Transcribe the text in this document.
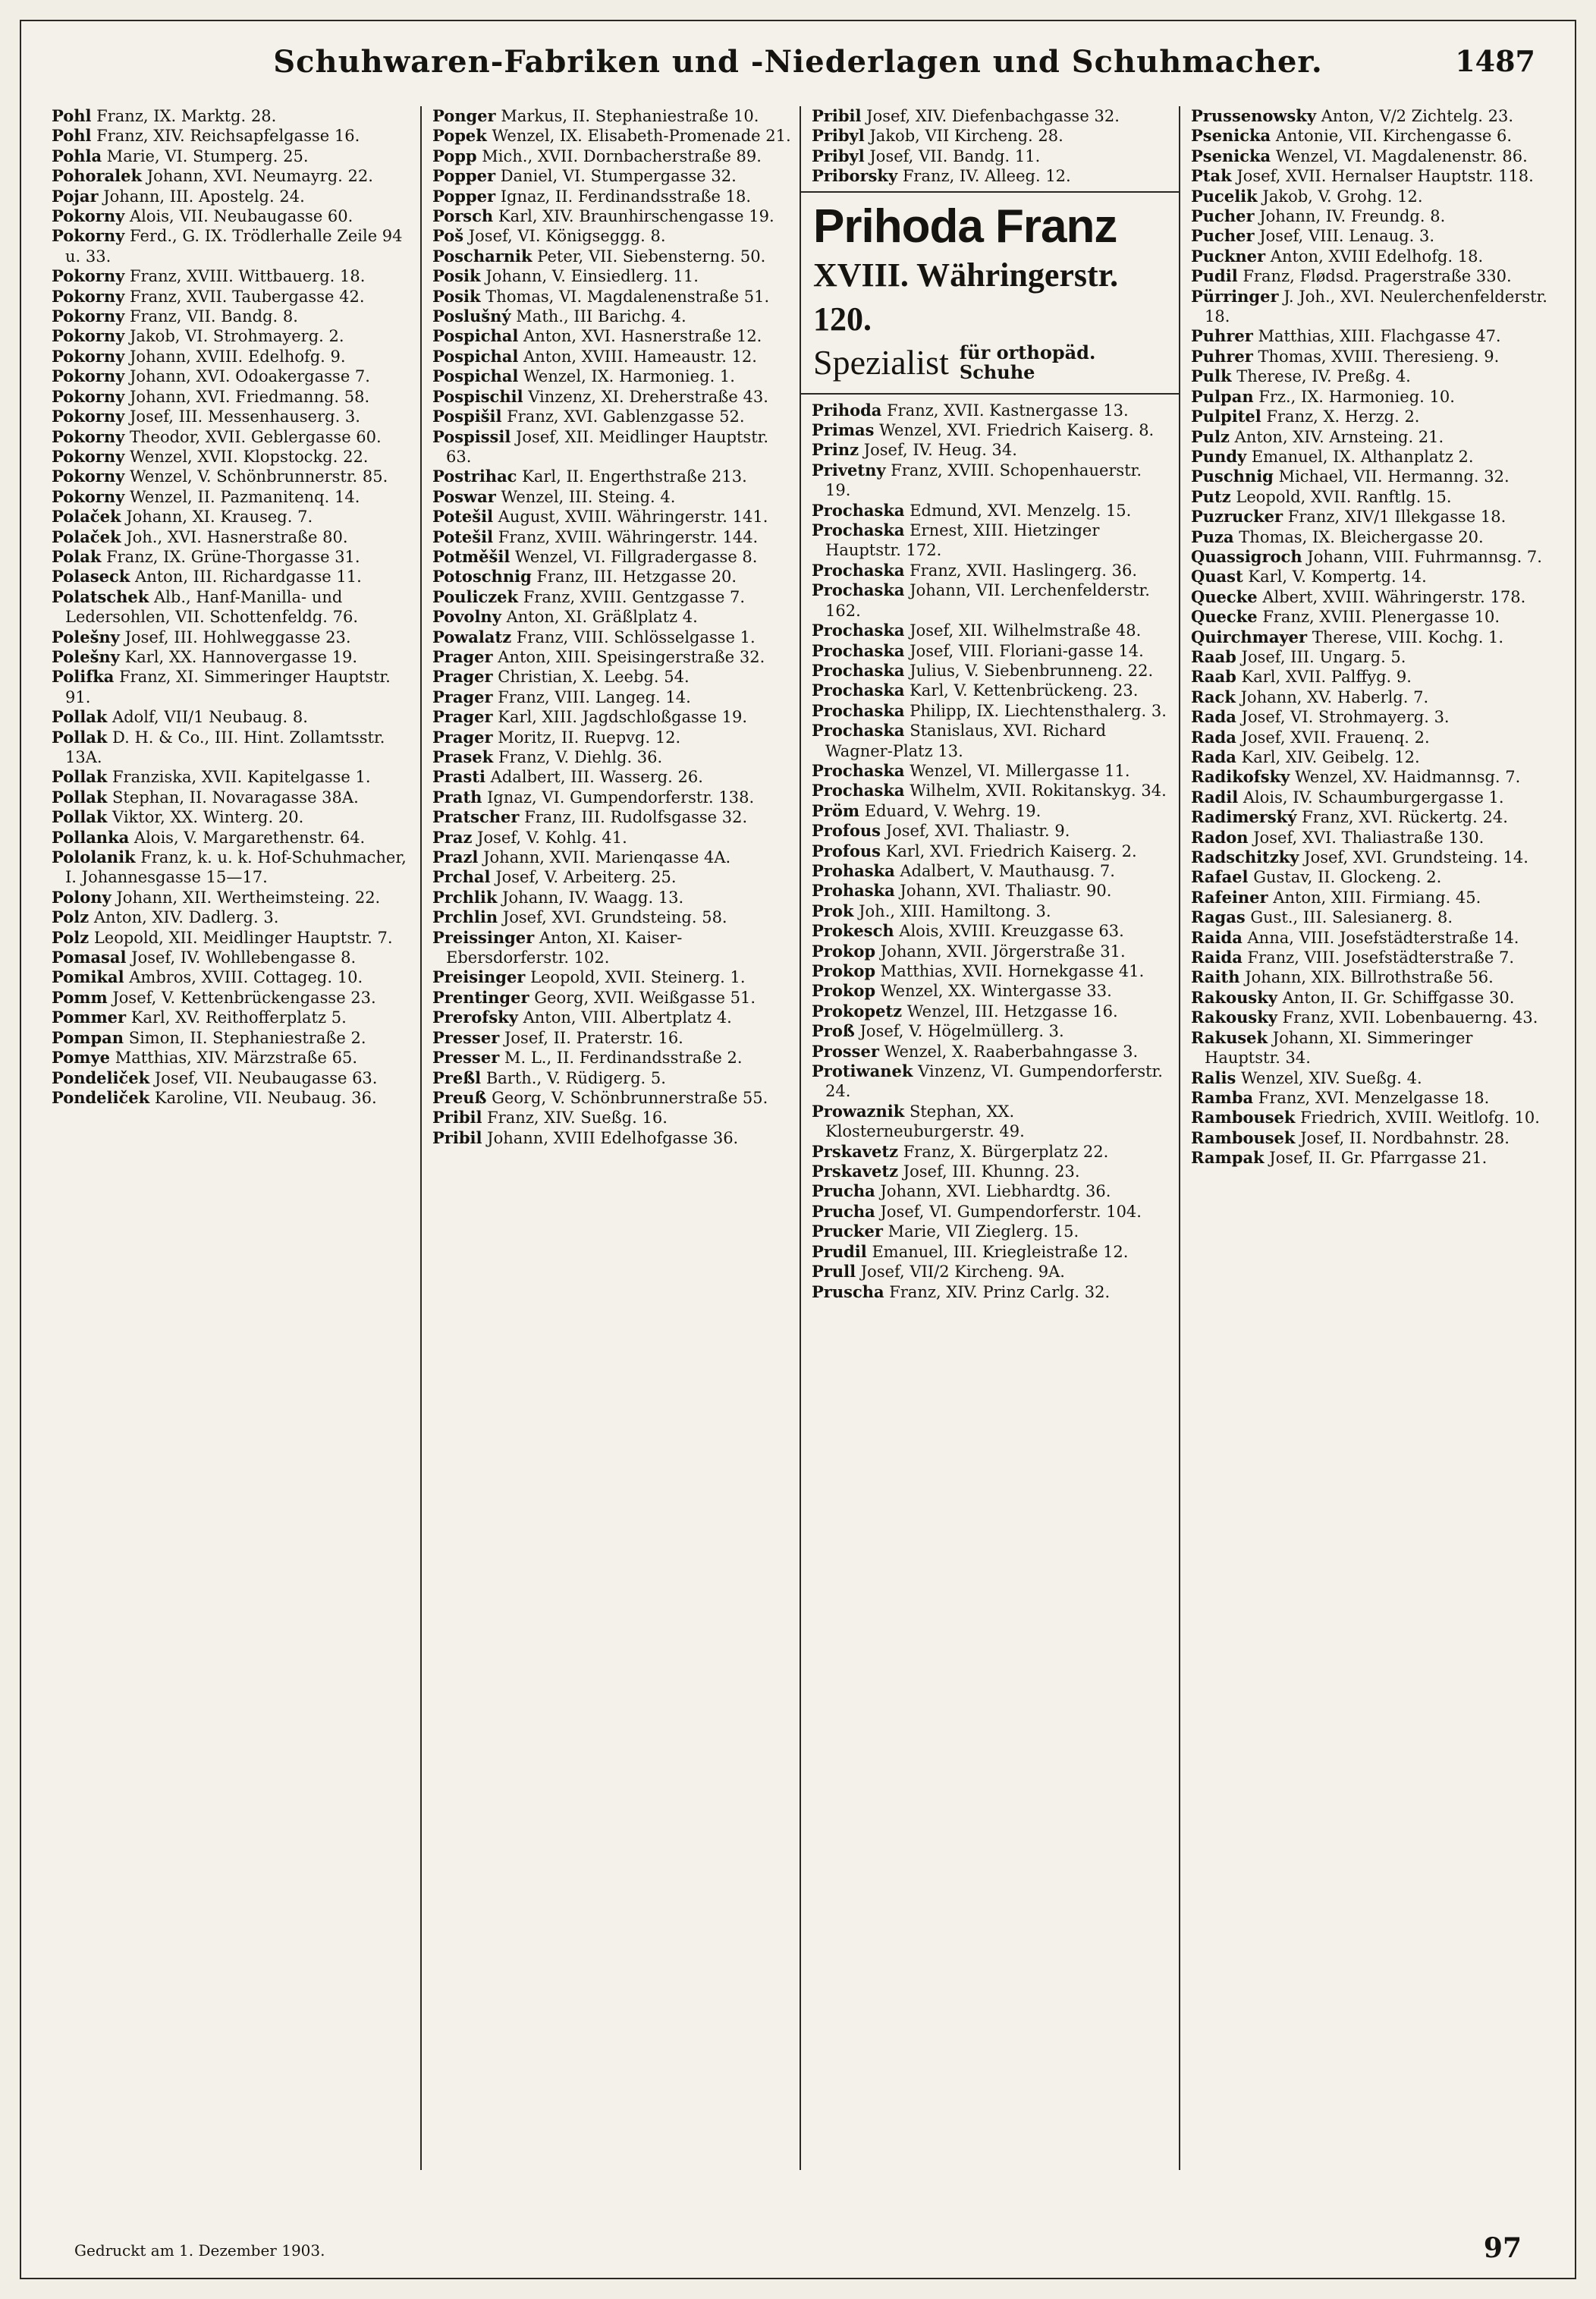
Schuhwaren-Fabriken und -Niederlagen und Schuhmacher.	1487

Pohl Franz, IX. Marktg. 28.

Pohl Franz, XIV. Reichsapfelgasse 16.

Pohla Marie, VI. Stumperg. 25.

Pohoralek Johann, XVI. Neumayrg. 22.

Pojar Johann, III. Apostelg. 24.

Pokorny Alois, VII. Neubaugasse 60.

Pokorny Ferd., G. IX. Trödlerhalle Zeile 94 u. 33.

Pokorny Franz, XVIII. Wittbauerg. 18.

Pokorny Franz, XVII. Taubergasse 42.

Pokorny Franz, VII. Bandg. 8.

Pokorny Jakob, VI. Strohmayerg. 2.

Pokorny Johann, XVIII. Edelhofg. 9.

Pokorny Johann, XVI. Odoakergasse 7.

Pokorny Johann, XVI. Friedmanng. 58.

Pokorny Josef, III. Messenhauserg. 3.

Pokorny Theodor, XVII. Geblergasse 60.

Pokorny Wenzel, XVII. Klopstockg. 22.

Pokorny Wenzel, V. Schönbrunnerstr. 85.

Pokorny Wenzel, II. Pazmanitenq. 14.

Polaček Johann, XI. Krauseg. 7.

Polaček Joh., XVI. Hasnerstraße 80.

Polak Franz, IX. Grüne-Thorgasse 31.

Polaseck Anton, III. Richardgasse 11.

Polatschek Alb., Hanf-Manilla- und Ledersohlen, VII. Schottenfeldg. 76.

Polešny Josef, III. Hohlweggasse 23.

Polešny Karl, XX. Hannovergasse 19.

Polifka Franz, XI. Simmeringer Hauptstr. 91.

Pollak Adolf, VII/1 Neubaug. 8.

Pollak D. H. & Co., III. Hint. Zollamtsstr. 13A.

Pollak Franziska, XVII. Kapitelgasse 1.

Pollak Stephan, II. Novaragasse 38A.

Pollak Viktor, XX. Winterg. 20.

Pollanka Alois, V. Margarethenstr. 64.

Pololanik Franz, k. u. k. Hof-Schuhmacher, I. Johannesgasse 15—17.

Polony Johann, XII. Wertheimsteing. 22.

Polz Anton, XIV. Dadlerg. 3.

Polz Leopold, XII. Meidlinger Hauptstr. 7.

Pomasal Josef, IV. Wohllebengasse 8.

Pomikal Ambros, XVIII. Cottageg. 10.

Pomm Josef, V. Kettenbrückengasse 23.

Pommer Karl, XV. Reithofferplatz 5.

Pompan Simon, II. Stephaniestraße 2.

Pomye Matthias, XIV. Märzstraße 65.

Pondeliček Josef, VII. Neubaugasse 63.

Pondeliček Karoline, VII. Neubaug. 36.

Ponger Markus, II. Stephaniestraße 10.

Popek Wenzel, IX. Elisabeth-Promenade 21.

Popp Mich., XVII. Dornbacherstraße 89.

Popper Daniel, VI. Stumpergasse 32.

Popper Ignaz, II. Ferdinandsstraße 18.

Porsch Karl, XIV. Braunhirschengasse 19.

Poš Josef, VI. Königseggg. 8.

Poscharnik Peter, VII. Siebensterng. 50.

Posik Johann, V. Einsiedlerg. 11.

Posik Thomas, VI. Magdalenenstraße 51.

Poslušný Math., III Barichg. 4.

Pospichal Anton, XVI. Hasnerstraße 12.

Pospichal Anton, XVIII. Hameaustr. 12.

Pospichal Wenzel, IX. Harmonieg. 1.

Pospischil Vinzenz, XI. Dreherstraße 43.

Pospišil Franz, XVI. Gablenzgasse 52.

Pospissil Josef, XII. Meidlinger Hauptstr. 63.

Postrihac Karl, II. Engerthstraße 213.

Poswar Wenzel, III. Steing. 4.

Potešil August, XVIII. Währingerstr. 141.

Potešil Franz, XVIII. Währingerstr. 144.

Potměšil Wenzel, VI. Fillgradergasse 8.

Potoschnig Franz, III. Hetzgasse 20.

Pouliczek Franz, XVIII. Gentzgasse 7.

Povolny Anton, XI. Gräßlplatz 4.

Powalatz Franz, VIII. Schlösselgasse 1.

Prager Anton, XIII. Speisingerstraße 32.

Prager Christian, X. Leebg. 54.

Prager Franz, VIII. Langeg. 14.

Prager Karl, XIII. Jagdschloßgasse 19.

Prager Moritz, II. Ruepvg. 12.

Prasek Franz, V. Diehlg. 36.

Prasti Adalbert, III. Wasserg. 26.

Prath Ignaz, VI. Gumpendorferstr. 138.

Pratscher Franz, III. Rudolfsgasse 32.

Praz Josef, V. Kohlg. 41.

Prazl Johann, XVII. Marienqasse 4A.

Prchal Josef, V. Arbeiterg. 25.

Prchlik Johann, IV. Waagg. 13.

Prchlin Josef, XVI. Grundsteing. 58.

Preissinger Anton, XI. Kaiser-Ebersdorferstr. 102.

Preisinger Leopold, XVII. Steinerg. 1.

Prentinger Georg, XVII. Weißgasse 51.

Prerofsky Anton, VIII. Albertplatz 4.

Presser Josef, II. Praterstr. 16.

Presser M. L., II. Ferdinandsstraße 2.

Preßl Barth., V. Rüdigerg. 5.

Preuß Georg, V. Schönbrunnerstraße 55.

Pribil Franz, XIV. Sueßg. 16.

Pribil Johann, XVIII Edelhofgasse 36.

Pribil Josef, XIV. Diefenbachgasse 32.

Pribyl Jakob, VII Kircheng. 28.

Pribyl Josef, VII. Bandg. 11.

Priborsky Franz, IV. Alleeg. 12.

Prihoda Franz
XVIII. Währingerstr. 120.
Spezialist für orthopäd. Schuhe

Prihoda Franz, XVII. Kastnergasse 13.

Primas Wenzel, XVI. Friedrich Kaiserg. 8.

Prinz Josef, IV. Heug. 34.

Privetny Franz, XVIII. Schopenhauerstr. 19.

Prochaska Edmund, XVI. Menzelg. 15.

Prochaska Ernest, XIII. Hietzinger Hauptstr. 172.

Prochaska Franz, XVII. Haslingerg. 36.

Prochaska Johann, VII. Lerchenfelderstr. 162.

Prochaska Josef, XII. Wilhelmstraße 48.

Prochaska Josef, VIII. Floriani-gasse 14.

Prochaska Julius, V. Siebenbrunneng. 22.

Prochaska Karl, V. Kettenbrückeng. 23.

Prochaska Philipp, IX. Liechtensthalerg. 3.

Prochaska Stanislaus, XVI. Richard Wagner-Platz 13.

Prochaska Wenzel, VI. Millergasse 11.

Prochaska Wilhelm, XVII. Rokitanskyg. 34.

Pröm Eduard, V. Wehrg. 19.

Profous Josef, XVI. Thaliastr. 9.

Profous Karl, XVI. Friedrich Kaiserg. 2.

Prohaska Adalbert, V. Mauthausg. 7.

Prohaska Johann, XVI. Thaliastr. 90.

Prok Joh., XIII. Hamiltong. 3.

Prokesch Alois, XVIII. Kreuzgasse 63.

Prokop Johann, XVII. Jörgerstraße 31.

Prokop Matthias, XVII. Hornekgasse 41.

Prokop Wenzel, XX. Wintergasse 33.

Prokopetz Wenzel, III. Hetzgasse 16.

Proß Josef, V. Högelmüllerg. 3.

Prosser Wenzel, X. Raaberbahngasse 3.

Protiwanek Vinzenz, VI. Gumpendorferstr. 24.

Prowaznik Stephan, XX. Klosterneuburgerstr. 49.

Prskavetz Franz, X. Bürgerplatz 22.

Prskavetz Josef, III. Khunng. 23.

Prucha Johann, XVI. Liebhardtg. 36.

Prucha Josef, VI. Gumpendorferstr. 104.

Prucker Marie, VII Zieglerg. 15.

Prudil Emanuel, III. Kriegleistraße 12.

Prull Josef, VII/2 Kircheng. 9A.

Pruscha Franz, XIV. Prinz Carlg. 32.

Prussenowsky Anton, V/2 Zichtelg. 23.

Psenicka Antonie, VII. Kirchengasse 6.

Psenicka Wenzel, VI. Magdalenenstr. 86.

Ptak Josef, XVII. Hernalser Hauptstr. 118.

Pucelik Jakob, V. Grohg. 12.

Pucher Johann, IV. Freundg. 8.

Pucher Josef, VIII. Lenaug. 3.

Puckner Anton, XVIII Edelhofg. 18.

Pudil Franz, Flødsd. Pragerstraße 330.

Pürringer J. Joh., XVI. Neulerchenfelderstr. 18.

Puhrer Matthias, XIII. Flachgasse 47.

Puhrer Thomas, XVIII. Theresieng. 9.

Pulk Therese, IV. Preßg. 4.

Pulpan Frz., IX. Harmonieg. 10.

Pulpitel Franz, X. Herzg. 2.

Pulz Anton, XIV. Arnsteing. 21.

Pundy Emanuel, IX. Althanplatz 2.

Puschnig Michael, VII. Hermanng. 32.

Putz Leopold, XVII. Ranftlg. 15.

Puzrucker Franz, XIV/1 Illekgasse 18.

Puza Thomas, IX. Bleichergasse 20.

Quassigroch Johann, VIII. Fuhrmannsg. 7.

Quast Karl, V. Kompertg. 14.

Quecke Albert, XVIII. Währingerstr. 178.

Quecke Franz, XVIII. Plenergasse 10.

Quirchmayer Therese, VIII. Kochg. 1.

Raab Josef, III. Ungarg. 5.

Raab Karl, XVII. Palffyg. 9.

Rack Johann, XV. Haberlg. 7.

Rada Josef, VI. Strohmayerg. 3.

Rada Josef, XVII. Frauenq. 2.

Rada Karl, XIV. Geibelg. 12.

Radikofsky Wenzel, XV. Haidmannsg. 7.

Radil Alois, IV. Schaumburgergasse 1.

Radimerský Franz, XVI. Rückertg. 24.

Radon Josef, XVI. Thaliastraße 130.

Radschitzky Josef, XVI. Grundsteing. 14.

Rafael Gustav, II. Glockeng. 2.

Rafeiner Anton, XIII. Firmiang. 45.

Ragas Gust., III. Salesianerg. 8.

Raida Anna, VIII. Josefstädterstraße 14.

Raida Franz, VIII. Josefstädterstraße 7.

Raith Johann, XIX. Billrothstraße 56.

Rakousky Anton, II. Gr. Schiffgasse 30.

Rakousky Franz, XVII. Lobenbauerng. 43.

Rakusek Johann, XI. Simmeringer Hauptstr. 34.

Ralis Wenzel, XIV. Sueßg. 4.

Ramba Franz, XVI. Menzelgasse 18.

Rambousek Friedrich, XVIII. Weitlofg. 10.

Rambousek Josef, II. Nordbahnstr. 28.

Rampak Josef, II. Gr. Pfarrgasse 21.

Gedruckt am 1. Dezember 1903.	97
